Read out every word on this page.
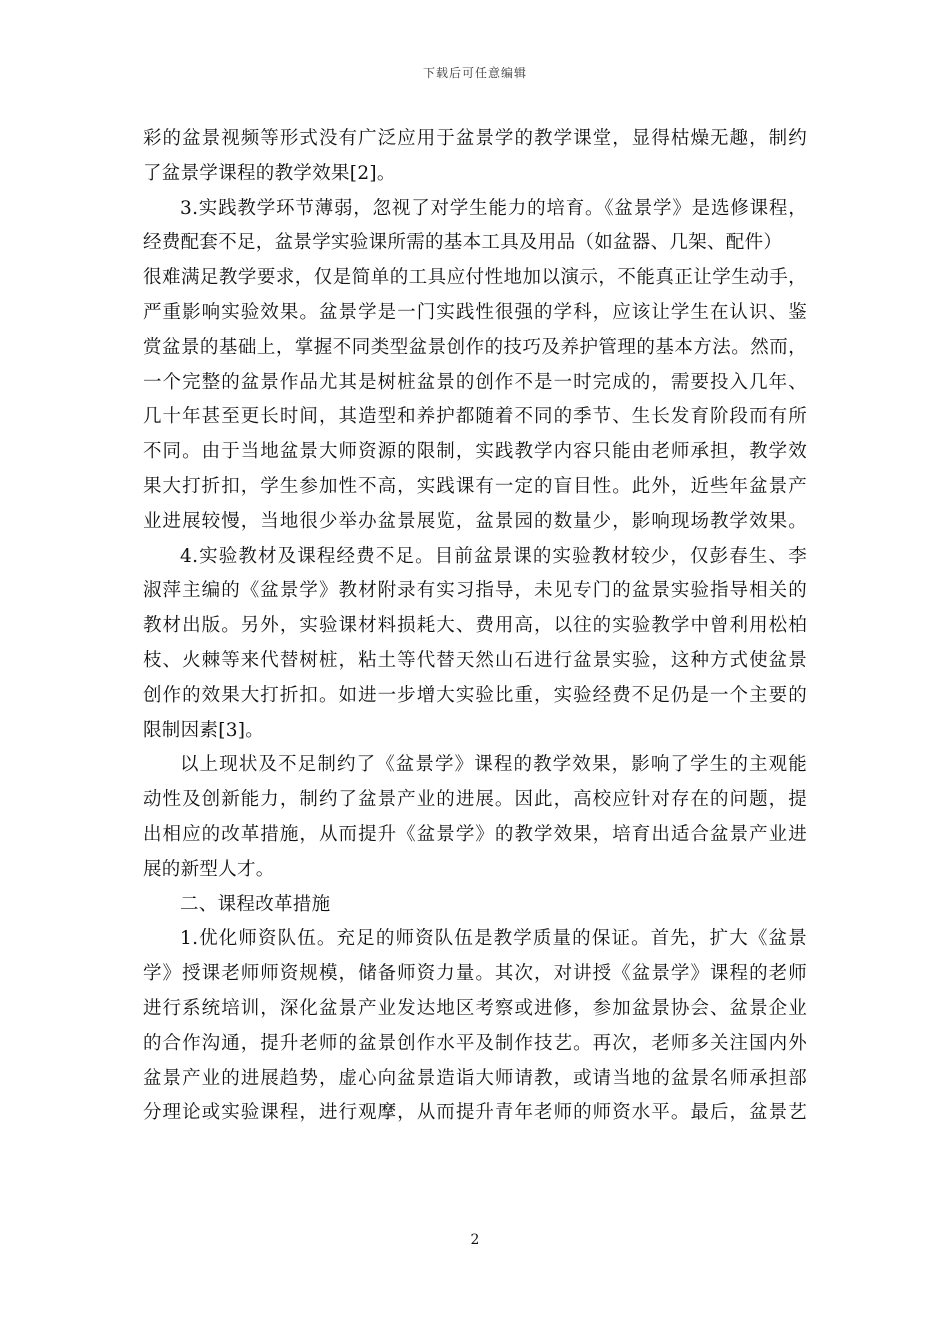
下载后可任意编辑
彩的盆景视频等形式没有广泛应用于盆景学的教学课堂，显得枯燥无趣，制约
了盆景学课程的教学效果[2]。
3.实践教学环节薄弱，忽视了对学生能力的培育。《盆景学》是选修课程，
经费配套不足，盆景学实验课所需的基本工具及用品（如盆器、几架、配件）
很难满足教学要求，仅是简单的工具应付性地加以演示，不能真正让学生动手，
严重影响实验效果。盆景学是一门实践性很强的学科，应该让学生在认识、鉴
赏盆景的基础上，掌握不同类型盆景创作的技巧及养护管理的基本方法。然而，
一个完整的盆景作品尤其是树桩盆景的创作不是一时完成的，需要投入几年、
几十年甚至更长时间，其造型和养护都随着不同的季节、生长发育阶段而有所
不同。由于当地盆景大师资源的限制，实践教学内容只能由老师承担，教学效
果大打折扣，学生参加性不高，实践课有一定的盲目性。此外，近些年盆景产
业进展较慢，当地很少举办盆景展览，盆景园的数量少，影响现场教学效果。
4.实验教材及课程经费不足。目前盆景课的实验教材较少，仅彭春生、李
淑萍主编的《盆景学》教材附录有实习指导，未见专门的盆景实验指导相关的
教材出版。另外，实验课材料损耗大、费用高，以往的实验教学中曾利用松柏
枝、火棘等来代替树桩，粘土等代替天然山石进行盆景实验，这种方式使盆景
创作的效果大打折扣。如进一步增大实验比重，实验经费不足仍是一个主要的
限制因素[3]。
以上现状及不足制约了《盆景学》课程的教学效果，影响了学生的主观能
动性及创新能力，制约了盆景产业的进展。因此，高校应针对存在的问题，提
出相应的改革措施，从而提升《盆景学》的教学效果，培育出适合盆景产业进
展的新型人才。
二、课程改革措施
1.优化师资队伍。充足的师资队伍是教学质量的保证。首先，扩大《盆景
学》授课老师师资规模，储备师资力量。其次，对讲授《盆景学》课程的老师
进行系统培训，深化盆景产业发达地区考察或进修，参加盆景协会、盆景企业
的合作沟通，提升老师的盆景创作水平及制作技艺。再次，老师多关注国内外
盆景产业的进展趋势，虚心向盆景造诣大师请教，或请当地的盆景名师承担部
分理论或实验课程，进行观摩，从而提升青年老师的师资水平。最后，盆景艺
2
